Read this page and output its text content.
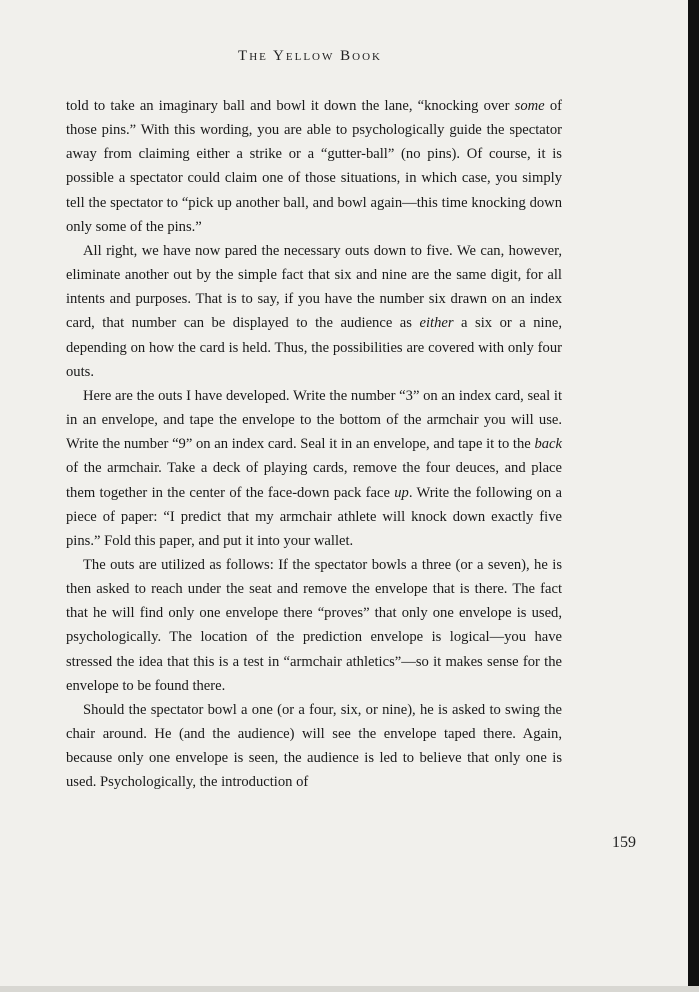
The Yellow Book

told to take an imaginary ball and bowl it down the lane, “knocking over some of those pins.” With this wording, you are able to psychologically guide the spectator away from claiming either a strike or a “gutter-ball” (no pins). Of course, it is possible a spectator could claim one of those situations, in which case, you simply tell the spectator to “pick up another ball, and bowl again—this time knocking down only some of the pins.”

All right, we have now pared the necessary outs down to five. We can, however, eliminate another out by the simple fact that six and nine are the same digit, for all intents and purposes. That is to say, if you have the number six drawn on an index card, that number can be displayed to the audience as either a six or a nine, depending on how the card is held. Thus, the possibilities are covered with only four outs.

Here are the outs I have developed. Write the number “3” on an index card, seal it in an envelope, and tape the envelope to the bottom of the armchair you will use. Write the number “9” on an index card. Seal it in an envelope, and tape it to the back of the armchair. Take a deck of playing cards, remove the four deuces, and place them together in the center of the face-down pack face up. Write the following on a piece of paper: “I predict that my armchair athlete will knock down exactly five pins.” Fold this paper, and put it into your wallet.

The outs are utilized as follows: If the spectator bowls a three (or a seven), he is then asked to reach under the seat and remove the envelope that is there. The fact that he will find only one envelope there “proves” that only one envelope is used, psychologically. The location of the prediction envelope is logical—you have stressed the idea that this is a test in “armchair athletics”—so it makes sense for the envelope to be found there.

Should the spectator bowl a one (or a four, six, or nine), he is asked to swing the chair around. He (and the audience) will see the envelope taped there. Again, because only one envelope is seen, the audience is led to believe that only one is used. Psychologically, the introduction of

159
